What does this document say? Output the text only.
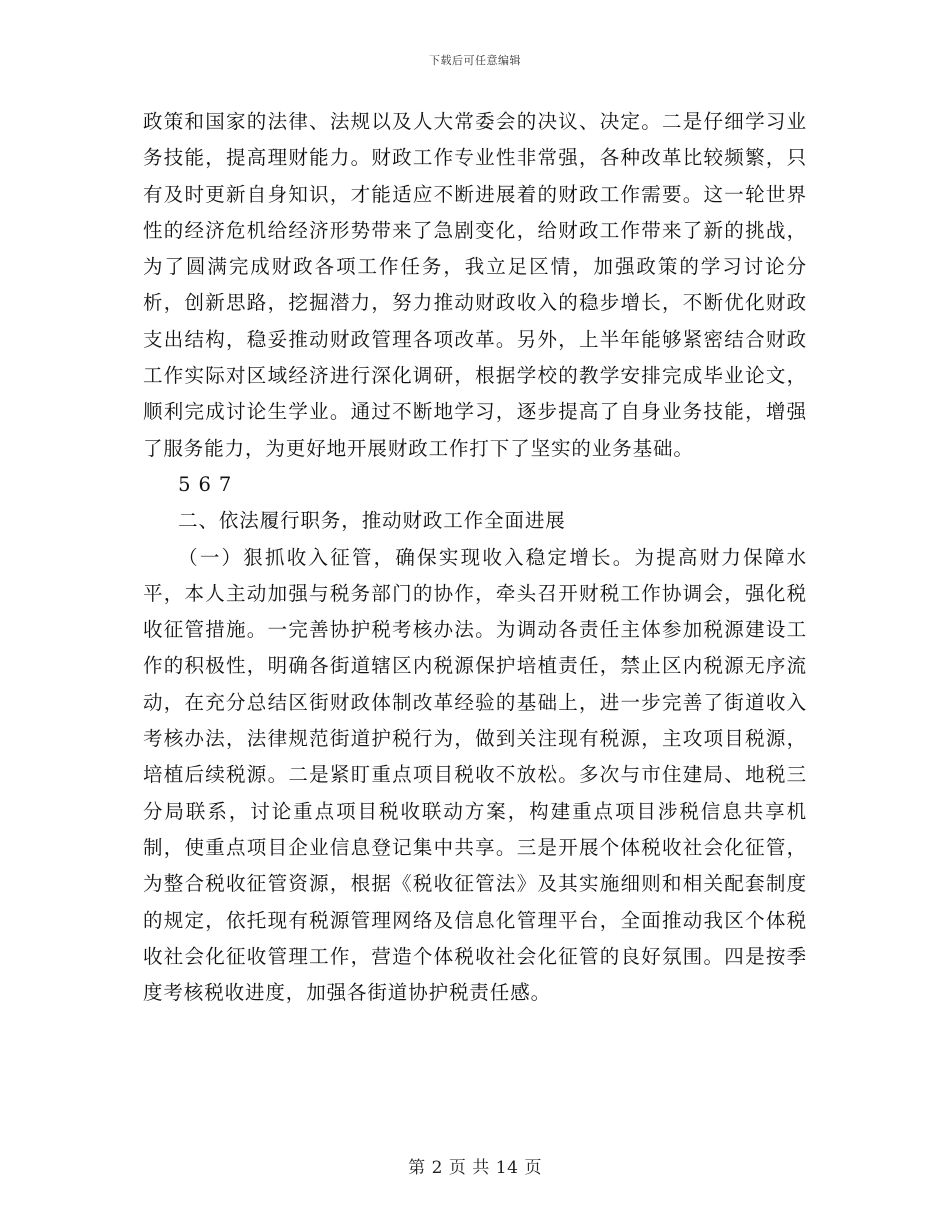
下载后可任意编辑

政策和国家的法律、法规以及人大常委会的决议、决定。二是仔细学习业务技能，提高理财能力。财政工作专业性非常强，各种改革比较频繁，只有及时更新自身知识，才能适应不断进展着的财政工作需要。这一轮世界性的经济危机给经济形势带来了急剧变化，给财政工作带来了新的挑战，为了圆满完成财政各项工作任务，我立足区情，加强政策的学习讨论分析，创新思路，挖掘潜力，努力推动财政收入的稳步增长，不断优化财政支出结构，稳妥推动财政管理各项改革。另外，上半年能够紧密结合财政工作实际对区域经济进行深化调研，根据学校的教学安排完成毕业论文，顺利完成讨论生学业。通过不断地学习，逐步提高了自身业务技能，增强了服务能力，为更好地开展财政工作打下了坚实的业务基础。

5 6 7

二、依法履行职务，推动财政工作全面进展

（一）狠抓收入征管，确保实现收入稳定增长。为提高财力保障水平，本人主动加强与税务部门的协作，牵头召开财税工作协调会，强化税收征管措施。一完善协护税考核办法。为调动各责任主体参加税源建设工作的积极性，明确各街道辖区内税源保护培植责任，禁止区内税源无序流动，在充分总结区街财政体制改革经验的基础上，进一步完善了街道收入考核办法，法律规范街道护税行为，做到关注现有税源，主攻项目税源，培植后续税源。二是紧盯重点项目税收不放松。多次与市住建局、地税三分局联系，讨论重点项目税收联动方案，构建重点项目涉税信息共享机制，使重点项目企业信息登记集中共享。三是开展个体税收社会化征管，为整合税收征管资源，根据《税收征管法》及其实施细则和相关配套制度的规定，依托现有税源管理网络及信息化管理平台，全面推动我区个体税收社会化征收管理工作，营造个体税收社会化征管的良好氛围。四是按季度考核税收进度，加强各街道协护税责任感。

第 2 页 共 14 页
